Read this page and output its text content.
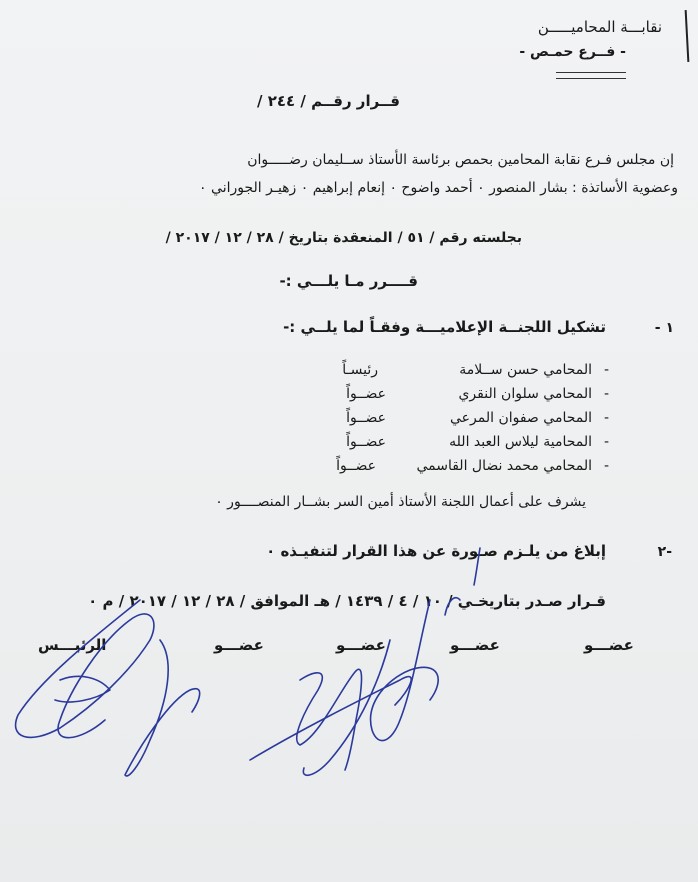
نقابـــة المحاميـــــن
- فــرع حمـص -
قــرار رقــم / ٢٤٤ /
إن مجلس فـرع نقابة المحامين بحمص برئاسة الأستاذ ســليمان رضـــــوان
وعضوية الأساتذة : بشار المنصور ٠ أحمد واضوح ٠ إنعام إبراهيم ٠ زهيـر الجوراني ٠
بجلسته رقم / ٥١ / المنعقدة بتاريخ / ٢٨ / ١٢ / ٢٠١٧ /
قــــرر مـا يلـــي :-
١ -
تشكيل اللجنــة الإعلاميـــة وفقـاً لما يلــي :-
-
المحامي حسن ســلامة
رئيسـاً
-
المحامي سلوان النقري
عضــواً
-
المحامي صفوان المرعي
عضــواً
-
المحامية ليلاس العبد الله
عضــواً
-
المحامي محمد نضال القاسمي
عضــواً
يشرف على أعمال اللجنة الأستاذ أمين السر بشــار المنصــــور ٠
-٢
إبلاغ من يلـزم صـورة عن هذا القرار لتنفيـذه ٠
قـرار صـدر بتاريخـي / ١٠ / ٤ / ١٤٣٩ / هـ الموافق / ٢٨ / ١٢ / ٢٠١٧ / م ٠
عضـــو
عضـــو
عضـــو
عضـــو
الرئيـــس
